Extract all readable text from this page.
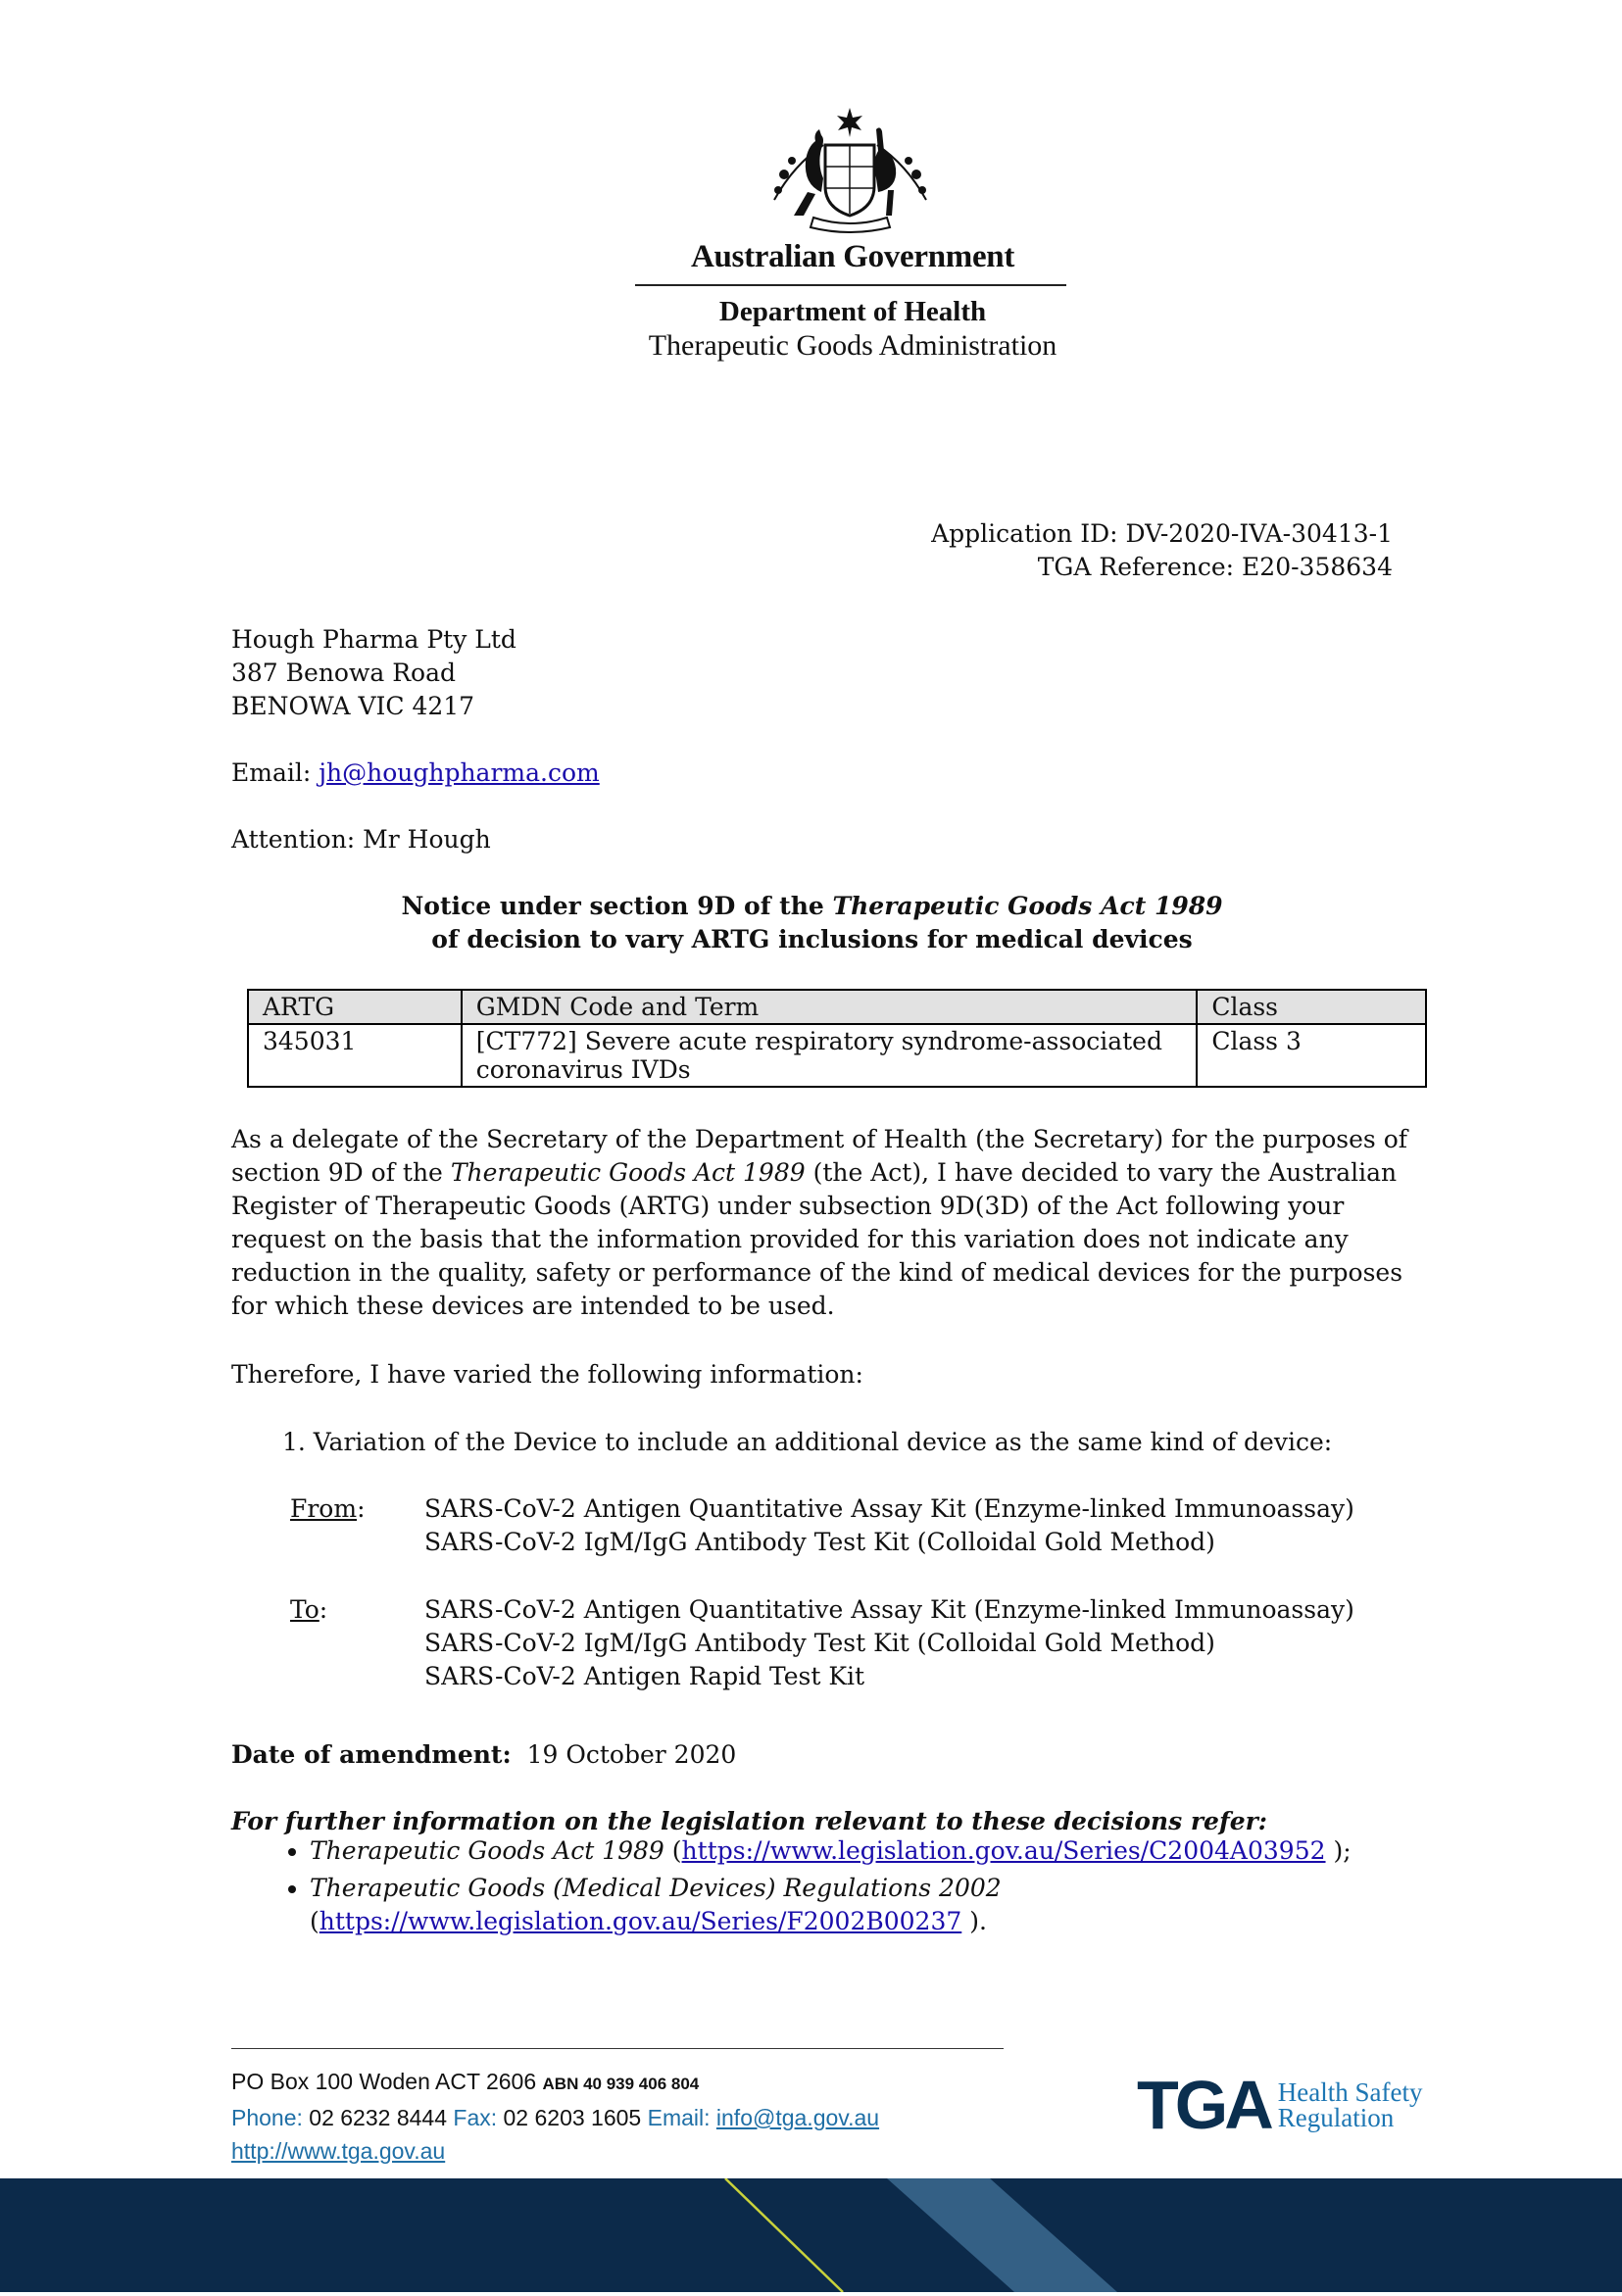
Australian Government
Department of Health
Therapeutic Goods Administration
Application ID: DV-2020-IVA-30413-1
TGA Reference: E20-358634
Hough Pharma Pty Ltd
387 Benowa Road
BENOWA VIC 4217
Email: jh@houghpharma.com
Attention: Mr Hough
Notice under section 9D of the Therapeutic Goods Act 1989
of decision to vary ARTG inclusions for medical devices
ARTG	GMDN Code and Term	Class
345031	[CT772] Severe acute respiratory syndrome-associated coronavirus IVDs	Class 3
As a delegate of the Secretary of the Department of Health (the Secretary) for the purposes of section 9D of the Therapeutic Goods Act 1989 (the Act), I have decided to vary the Australian Register of Therapeutic Goods (ARTG) under subsection 9D(3D) of the Act following your request on the basis that the information provided for this variation does not indicate any reduction in the quality, safety or performance of the kind of medical devices for the purposes for which these devices are intended to be used.
Therefore, I have varied the following information:
1. Variation of the Device to include an additional device as the same kind of device:
From: SARS-CoV-2 Antigen Quantitative Assay Kit (Enzyme-linked Immunoassay)
SARS-CoV-2 IgM/IgG Antibody Test Kit (Colloidal Gold Method)
To:	SARS-CoV-2 Antigen Quantitative Assay Kit (Enzyme-linked Immunoassay)
SARS-CoV-2 IgM/IgG Antibody Test Kit (Colloidal Gold Method)
SARS-CoV-2 Antigen Rapid Test Kit
Date of amendment: 19 October 2020
For further information on the legislation relevant to these decisions refer:
• Therapeutic Goods Act 1989 (https://www.legislation.gov.au/Series/C2004A03952 );
• Therapeutic Goods (Medical Devices) Regulations 2002
(https://www.legislation.gov.au/Series/F2002B00237 ).
PO Box 100 Woden ACT 2606 ABN 40 939 406 804
Phone: 02 6232 8444 Fax: 02 6203 1605 Email: info@tga.gov.au
http://www.tga.gov.au
TGA Health Safety
Regulation
